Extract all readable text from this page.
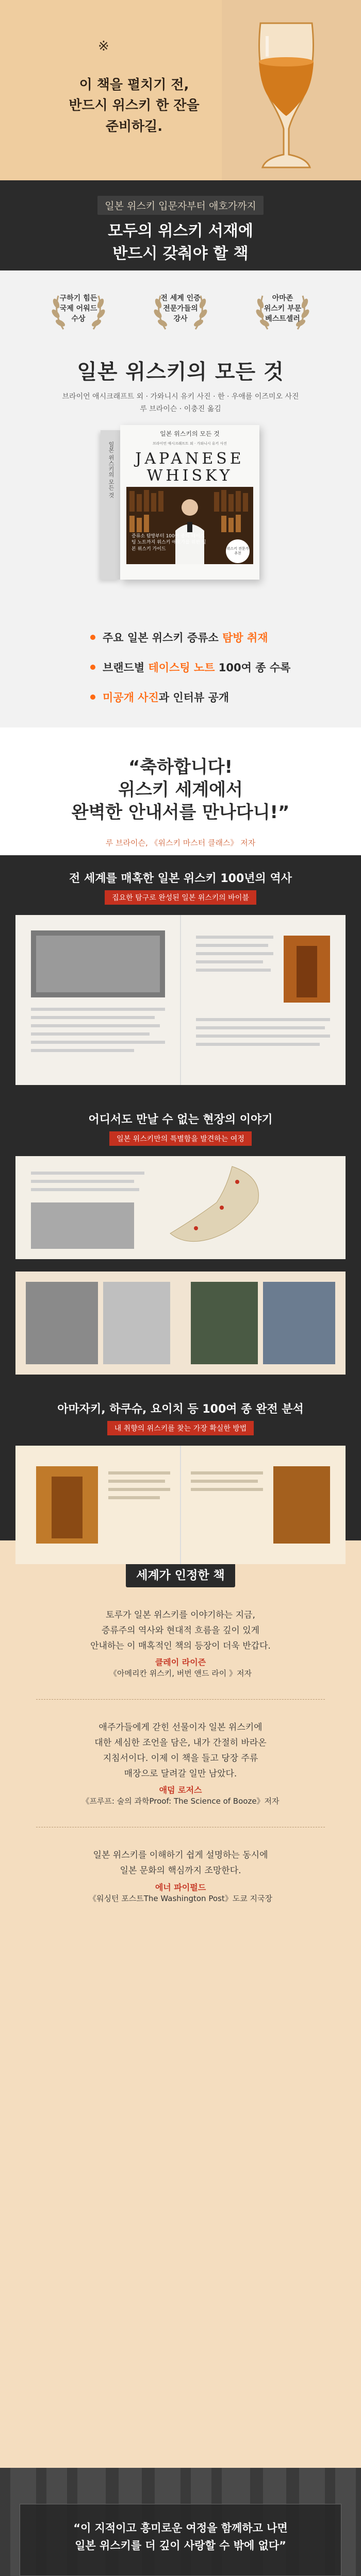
※
이 책을 펼치기 전,
반드시 위스키 한 잔을
준비하길.
일본 위스키 입문자부터 애호가까지
모두의 위스키 서재에
반드시 갖춰야 할 책
구하기 힘든
국제 어워드
수상
전 세계 인증
전문가들의
강사
아마존
위스키 부문
베스트셀러
일본 위스키의 모든 것
브라이언 애시크래프트 외 · 가와니시 유키 사진 · 한 · 우애를 이즈미오 사진
루 브라이슨 · 이충진 옮김
일본 위스키의 모든 것
일본 위스키의 모든 것
브라이언 애시크래프트 외 · 가와니시 유키 사진
JAPANESE
WHISKY
증류소 탐방부터 100여 종의 테이스팅 노트까지 위스키 애호가를 위한 일본 위스키 가이드	위스키 전문가 추천
주요 일본 위스키 증류소 탐방 취재
브랜드별 테이스팅 노트 100여 종 수록
미공개 사진과 인터뷰 공개
“축하합니다!
위스키 세계에서
완벽한 안내서를 만나다니!”
루 브라이슨, 《위스키 마스터 클래스》 저자
전 세계를 매혹한 일본 위스키 100년의 역사
집요한 탐구로 완성된 일본 위스키의 바이블
어디서도 만날 수 없는 현장의 이야기
일본 위스키만의 특별함을 발견하는 여정
아마자키, 하쿠슈, 요이치 등 100여 종 완전 분석
내 취향의 위스키를 찾는 가장 확실한 방법
세계가 인정한 책
토루가 일본 위스키를 이야기하는 지금,
증류주의 역사와 현대적 흐름을 깊이 있게
안내하는 이 매혹적인 책의 등장이 더욱 반갑다.
클레이 라이즌
《아메리칸 위스키, 버번 앤드 라이 》저자
애주가들에게 갇힌 선물이자 일본 위스키에
대한 세심한 조언을 담은, 내가 간절히 바라온
지침서이다. 이제 이 책을 들고 당장 주류
매장으로 달려갈 일만 남았다.
애덤 로저스
《프루프: 술의 과학Proof: The Science of Booze》저자
일본 위스키를 이해하기 쉽게 설명하는 동시에
일본 문화의 핵심까지 조망한다.
에너 파이펄드
《워싱턴 포스트The Washington Post》도쿄 지국장
“이 지적이고 흥미로운 여정을 함께하고 나면
일본 위스키를 더 깊이 사랑할 수 밖에 없다”
